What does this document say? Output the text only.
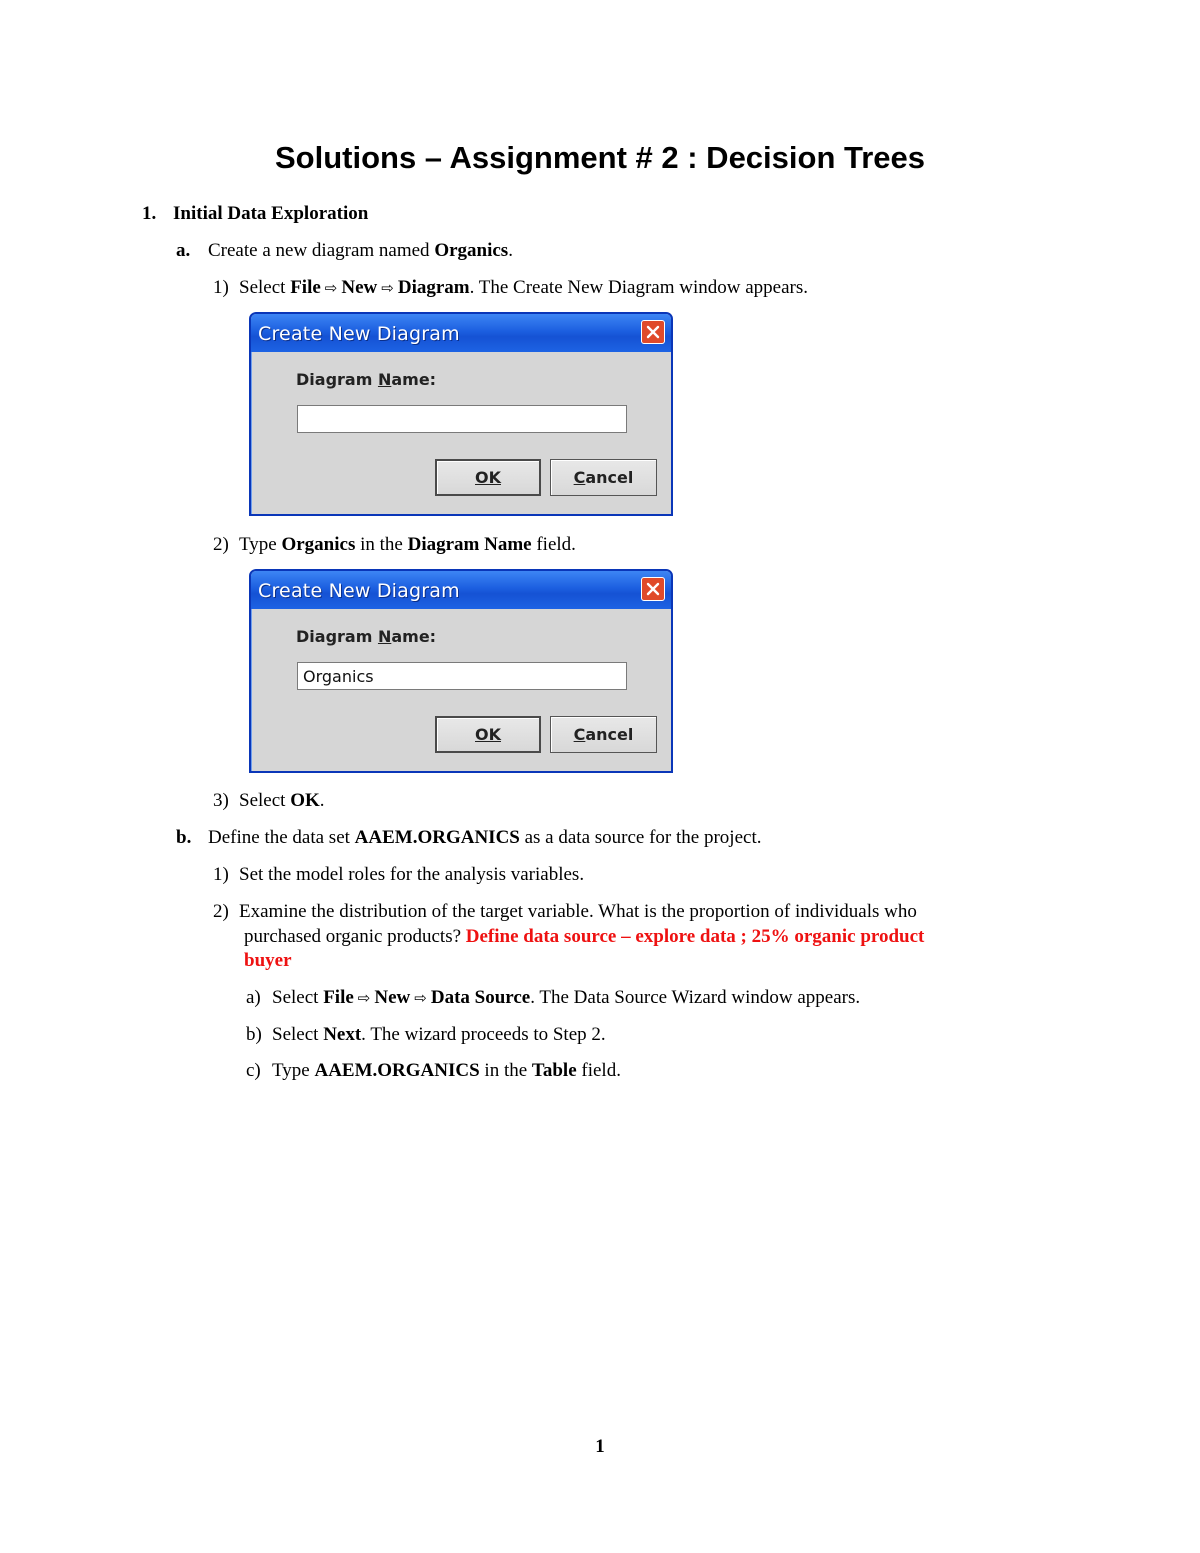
Solutions – Assignment # 2 : Decision Trees
1. Initial Data Exploration
a. Create a new diagram named Organics.
1) Select File ⇨ New ⇨ Diagram. The Create New Diagram window appears.
Create New Diagram
Diagram Name:
OK	C ancel
2) Type Organics in the Diagram Name field.
Create New Diagram
Diagram Name:
Organics
OK	C ancel
3) Select OK.
b. Define the data set AAEM.ORGANICS as a data source for the project.
1) Set the model roles for the analysis variables.
2) Examine the distribution of the target variable. What is the proportion of individuals who
purchased organic products? Define data source – explore data ; 25% organic product
buyer
a) Select File ⇨ New ⇨ Data Source. The Data Source Wizard window appears.
b) Select Next. The wizard proceeds to Step 2.
c) Type AAEM.ORGANICS in the Table field.
1
